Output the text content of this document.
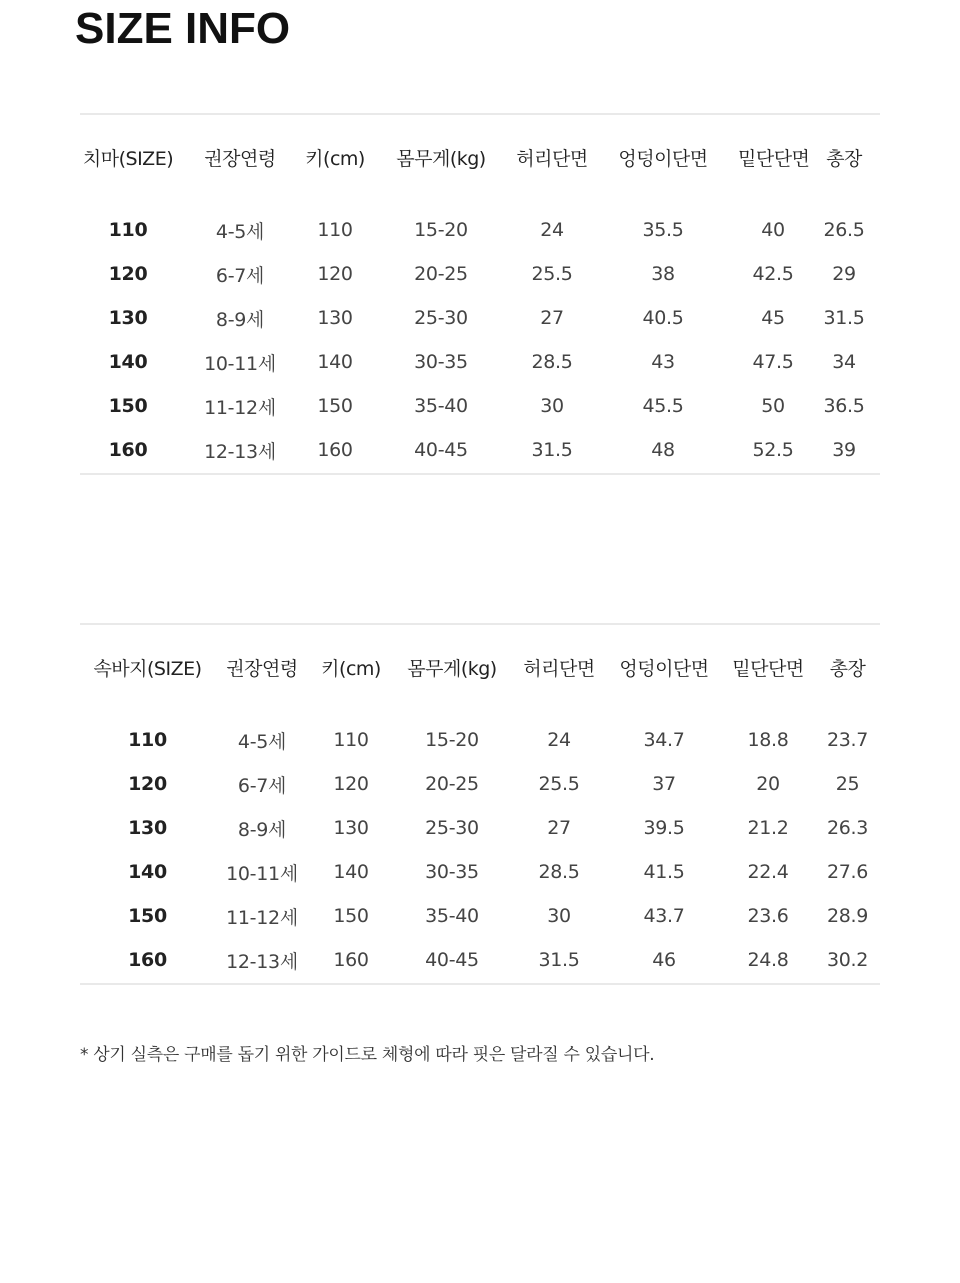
SIZE INFO
치마(SIZE)	권장연령	키(cm)	몸무게(kg)	허리단면	엉덩이단면	밑단단면	총장

110	4-5세	110	15-20	24	35.5	40	26.5
120	6-7세	120	20-25	25.5	38	42.5	29
130	8-9세	130	25-30	27	40.5	45	31.5
140	10-11세	140	30-35	28.5	43	47.5	34
150	11-12세	150	35-40	30	45.5	50	36.5
160	12-13세	160	40-45	31.5	48	52.5	39
속바지(SIZE)	권장연령	키(cm)	몸무게(kg)	허리단면	엉덩이단면	밑단단면	총장

110	4-5세	110	15-20	24	34.7	18.8	23.7
120	6-7세	120	20-25	25.5	37	20	25
130	8-9세	130	25-30	27	39.5	21.2	26.3
140	10-11세	140	30-35	28.5	41.5	22.4	27.6
150	11-12세	150	35-40	30	43.7	23.6	28.9
160	12-13세	160	40-45	31.5	46	24.8	30.2

* 상기 실측은 구매를 돕기 위한 가이드로 체형에 따라 핏은 달라질 수 있습니다.
